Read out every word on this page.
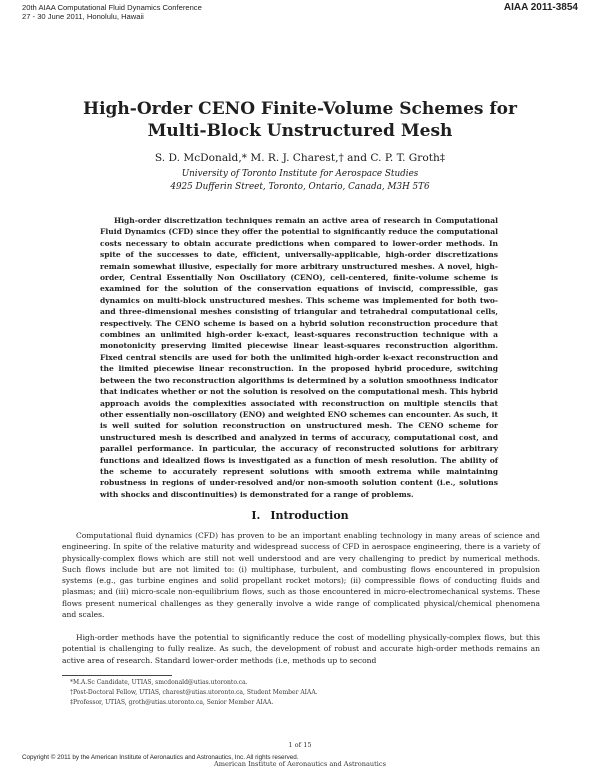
20th AIAA Computational Fluid Dynamics Conference
27 - 30 June 2011, Honolulu, Hawaii
AIAA 2011-3854
High-Order CENO Finite-Volume Schemes for
Multi-Block Unstructured Mesh
S. D. McDonald,* M. R. J. Charest,† and C. P. T. Groth‡
University of Toronto Institute for Aerospace Studies
4925 Dufferin Street, Toronto, Ontario, Canada, M3H 5T6

High-order discretization techniques remain an active area of research in Computational Fluid Dynamics (CFD) since they offer the potential to significantly reduce the computational costs necessary to obtain accurate predictions when compared to lower-order methods. In spite of the successes to date, efficient, universally-applicable, high-order discretizations remain somewhat illusive, especially for more arbitrary unstructured meshes. A novel, high-order, Central Essentially Non Oscillatory (CENO), cell-centered, finite-volume scheme is examined for the solution of the conservation equations of inviscid, compressible, gas dynamics on multi-block unstructured meshes. This scheme was implemented for both two- and three-dimensional meshes consisting of triangular and tetrahedral computational cells, respectively. The CENO scheme is based on a hybrid solution reconstruction procedure that combines an unlimited high-order k-exact, least-squares reconstruction technique with a monotonicity preserving limited piecewise linear least-squares reconstruction algorithm. Fixed central stencils are used for both the unlimited high-order k-exact reconstruction and the limited piecewise linear reconstruction. In the proposed hybrid procedure, switching between the two reconstruction algorithms is determined by a solution smoothness indicator that indicates whether or not the solution is resolved on the computational mesh. This hybrid approach avoids the complexities associated with reconstruction on multiple stencils that other essentially non-oscillatory (ENO) and weighted ENO schemes can encounter. As such, it is well suited for solution reconstruction on unstructured mesh. The CENO scheme for unstructured mesh is described and analyzed in terms of accuracy, computational cost, and parallel performance. In particular, the accuracy of reconstructed solutions for arbitrary functions and idealized flows is investigated as a function of mesh resolution. The ability of the scheme to accurately represent solutions with smooth extrema while maintaining robustness in regions of under-resolved and/or non-smooth solution content (i.e., solutions with shocks and discontinuities) is demonstrated for a range of problems.

I. Introduction

Computational fluid dynamics (CFD) has proven to be an important enabling technology in many areas of science and engineering. In spite of the relative maturity and widespread success of CFD in aerospace engineering, there is a variety of physically-complex flows which are still not well understood and are very challenging to predict by numerical methods. Such flows include but are not limited to: (i) multiphase, turbulent, and combusting flows encountered in propulsion systems (e.g., gas turbine engines and solid propellant rocket motors); (ii) compressible flows of conducting fluids and plasmas; and (iii) micro-scale non-equilibrium flows, such as those encountered in micro-electromechanical systems. These flows present numerical challenges as they generally involve a wide range of complicated physical/chemical phenomena and scales.

High-order methods have the potential to significantly reduce the cost of modelling physically-complex flows, but this potential is challenging to fully realize. As such, the development of robust and accurate high-order methods remains an active area of research. Standard lower-order methods (i.e, methods up to second

*M.A.Sc Candidate, UTIAS, smcdonald@utias.utoronto.ca.
†Post-Doctoral Fellow, UTIAS, charest@utias.utoronto.ca, Student Member AIAA.
‡Professor, UTIAS, groth@utias.utoronto.ca, Senior Member AIAA.
1 of 15
Copyright © 2011 by the American Institute of Aeronautics and Astronautics, Inc. All rights reserved.
American Institute of Aeronautics and Astronautics
